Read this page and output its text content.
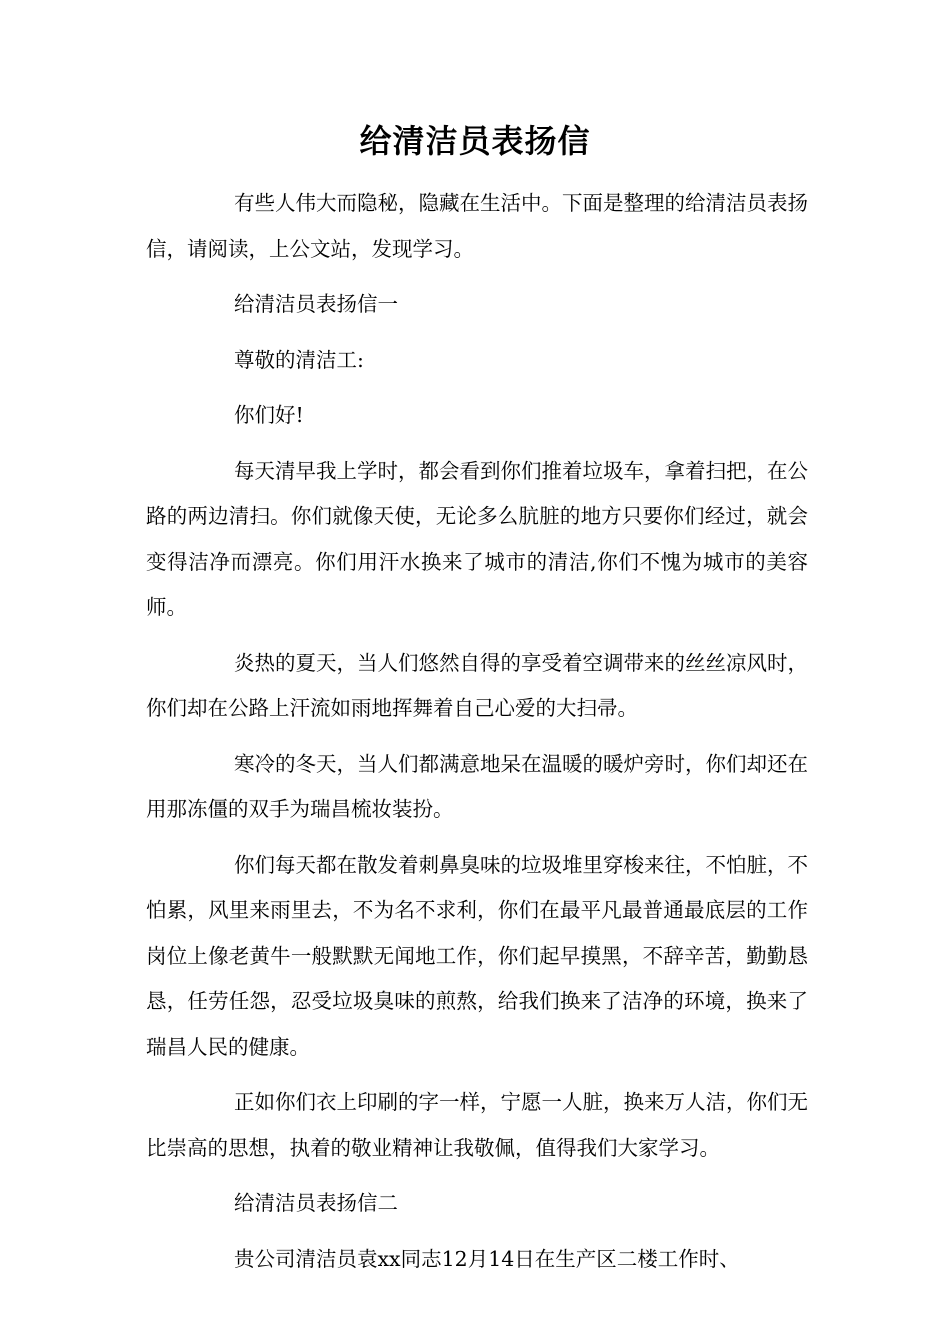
给清洁员表扬信

有些人伟大而隐秘，隐藏在生活中。下面是整理的给清洁员表扬信，请阅读，上公文站，发现学习。

给清洁员表扬信一

尊敬的清洁工:

你们好!

每天清早我上学时，都会看到你们推着垃圾车，拿着扫把，在公路的两边清扫。你们就像天使，无论多么肮脏的地方只要你们经过，就会变得洁净而漂亮。你们用汗水换来了城市的清洁,你们不愧为城市的美容师。

炎热的夏天，当人们悠然自得的享受着空调带来的丝丝凉风时，你们却在公路上汗流如雨地挥舞着自己心爱的大扫帚。

寒冷的冬天，当人们都满意地呆在温暖的暖炉旁时，你们却还在用那冻僵的双手为瑞昌梳妆装扮。

你们每天都在散发着刺鼻臭味的垃圾堆里穿梭来往，不怕脏，不怕累，风里来雨里去，不为名不求利，你们在最平凡最普通最底层的工作岗位上像老黄牛一般默默无闻地工作，你们起早摸黑，不辞辛苦，勤勤恳恳，任劳任怨，忍受垃圾臭味的煎熬，给我们换来了洁净的环境，换来了瑞昌人民的健康。

正如你们衣上印刷的字一样，宁愿一人脏，换来万人洁，你们无比崇高的思想，执着的敬业精神让我敬佩，值得我们大家学习。

给清洁员表扬信二

贵公司清洁员袁xx同志12月14日在生产区二楼工作时、
